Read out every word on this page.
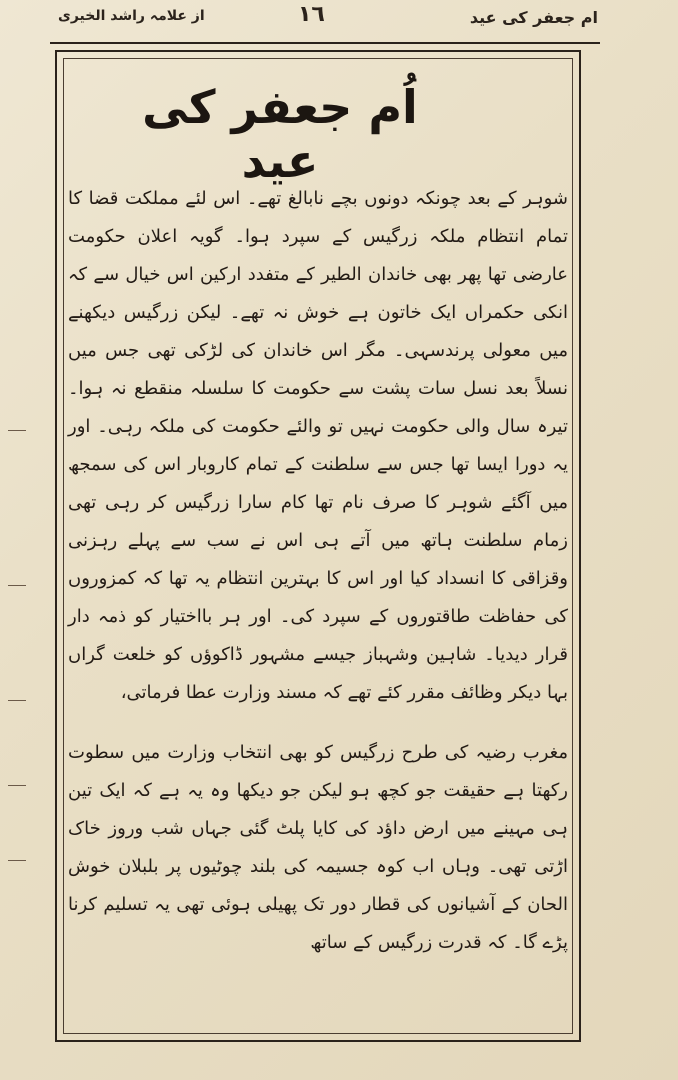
ام جعفر کی عید
١٦
از علامہ راشد الخیری
اُم جعفر کی عید

شوہر کے بعد چونکہ دونوں بچے نابالغ تھے۔ اس لئے مملکت قضا کا تمام انتظام ملکہ زرگیس کے سپرد ہوا۔ گویہ اعلان حکومت عارضی تھا پھر بھی خاندان الطیر کے متفدد ارکین اس خیال سے کہ انکی حکمراں ایک خاتون ہے خوش نہ تھے۔ لیکن زرگیس دیکھنے میں معولی پرندسہی۔ مگر اس خاندان کی لڑکی تھی جس میں نسلاً بعد نسل سات پشت سے حکومت کا سلسلہ منقطع نہ ہوا۔ تیرہ سال والی حکومت نہیں تو والئے حکومت کی ملکہ رہی۔ اور یہ دورا ایسا تھا جس سے سلطنت کے تمام کاروبار اس کی سمجھ میں آگئے شوہر کا صرف نام تھا کام سارا زرگیس کر رہی تھی زمام سلطنت ہاتھ میں آتے ہی اس نے سب سے پہلے رہزنی وقزاقی کا انسداد کیا اور اس کا بہترین انتظام یہ تھا کہ کمزوروں کی حفاظت طاقتوروں کے سپرد کی۔ اور ہر بااختیار کو ذمہ دار قرار دیدیا۔ شاہین وشہباز جیسے مشہور ڈاکوؤں کو خلعت گراں بہا دیکر وظائف مقرر کئے تھے کہ مسند وزارت عطا فرماتی،

مغرب رضیہ کی طرح زرگیس کو بھی انتخاب وزارت میں سطوت رکھتا ہے حقیقت جو کچھ ہو لیکن جو دیکھا وہ یہ ہے کہ ایک تین ہی مہینے میں ارض داؤد کی کایا پلٹ گئی جہاں شب وروز خاک اڑتی تھی۔ وہاں اب کوہ جسیمہ کی بلند چوٹیوں پر بلبلان خوش الحان کے آشیانوں کی قطار دور تک پھیلی ہوئی تھی یہ تسلیم کرنا پڑے گا۔ کہ قدرت زرگیس کے ساتھ
